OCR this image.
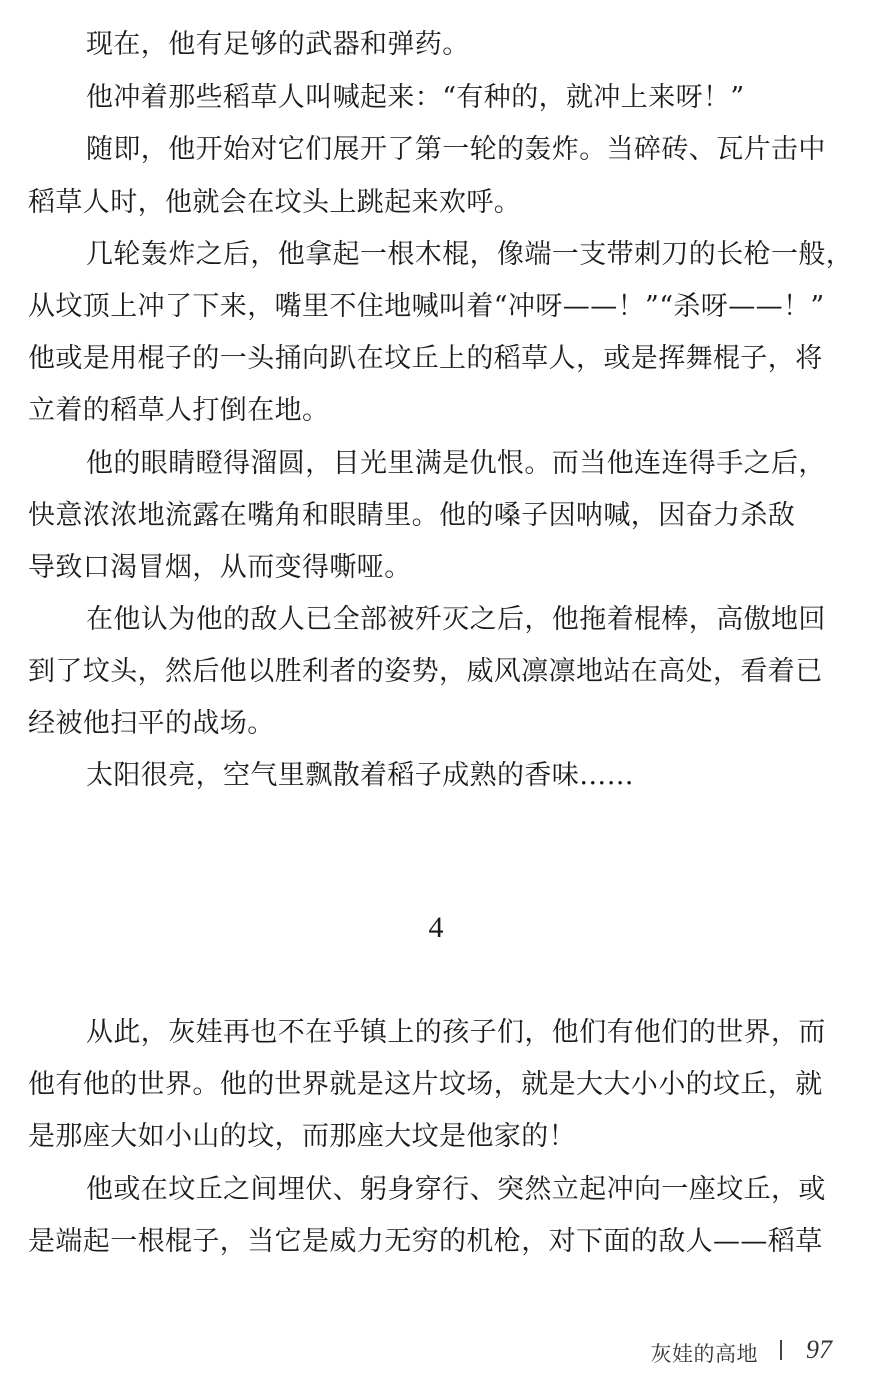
现在，他有足够的武器和弹药。
他冲着那些稻草人叫喊起来：“有种的，就冲上来呀！”
随即，他开始对它们展开了第一轮的轰炸。当碎砖、瓦片击中
稻草人时，他就会在坟头上跳起来欢呼。
几轮轰炸之后，他拿起一根木棍，像端一支带刺刀的长枪一般，
从坟顶上冲了下来，嘴里不住地喊叫着“冲呀——！”“杀呀——！”
他或是用棍子的一头捅向趴在坟丘上的稻草人，或是挥舞棍子，将
立着的稻草人打倒在地。
他的眼睛瞪得溜圆，目光里满是仇恨。而当他连连得手之后，
快意浓浓地流露在嘴角和眼睛里。他的嗓子因呐喊，因奋力杀敌
导致口渴冒烟，从而变得嘶哑。
在他认为他的敌人已全部被歼灭之后，他拖着棍棒，高傲地回
到了坟头，然后他以胜利者的姿势，威风凛凛地站在高处，看着已
经被他扫平的战场。
太阳很亮，空气里飘散着稻子成熟的香味……
4
从此，灰娃再也不在乎镇上的孩子们，他们有他们的世界，而
他有他的世界。他的世界就是这片坟场，就是大大小小的坟丘，就
是那座大如小山的坟，而那座大坟是他家的！
他或在坟丘之间埋伏、躬身穿行、突然立起冲向一座坟丘，或
是端起一根棍子，当它是威力无穷的机枪，对下面的敌人——稻草
灰娃的高地 97
